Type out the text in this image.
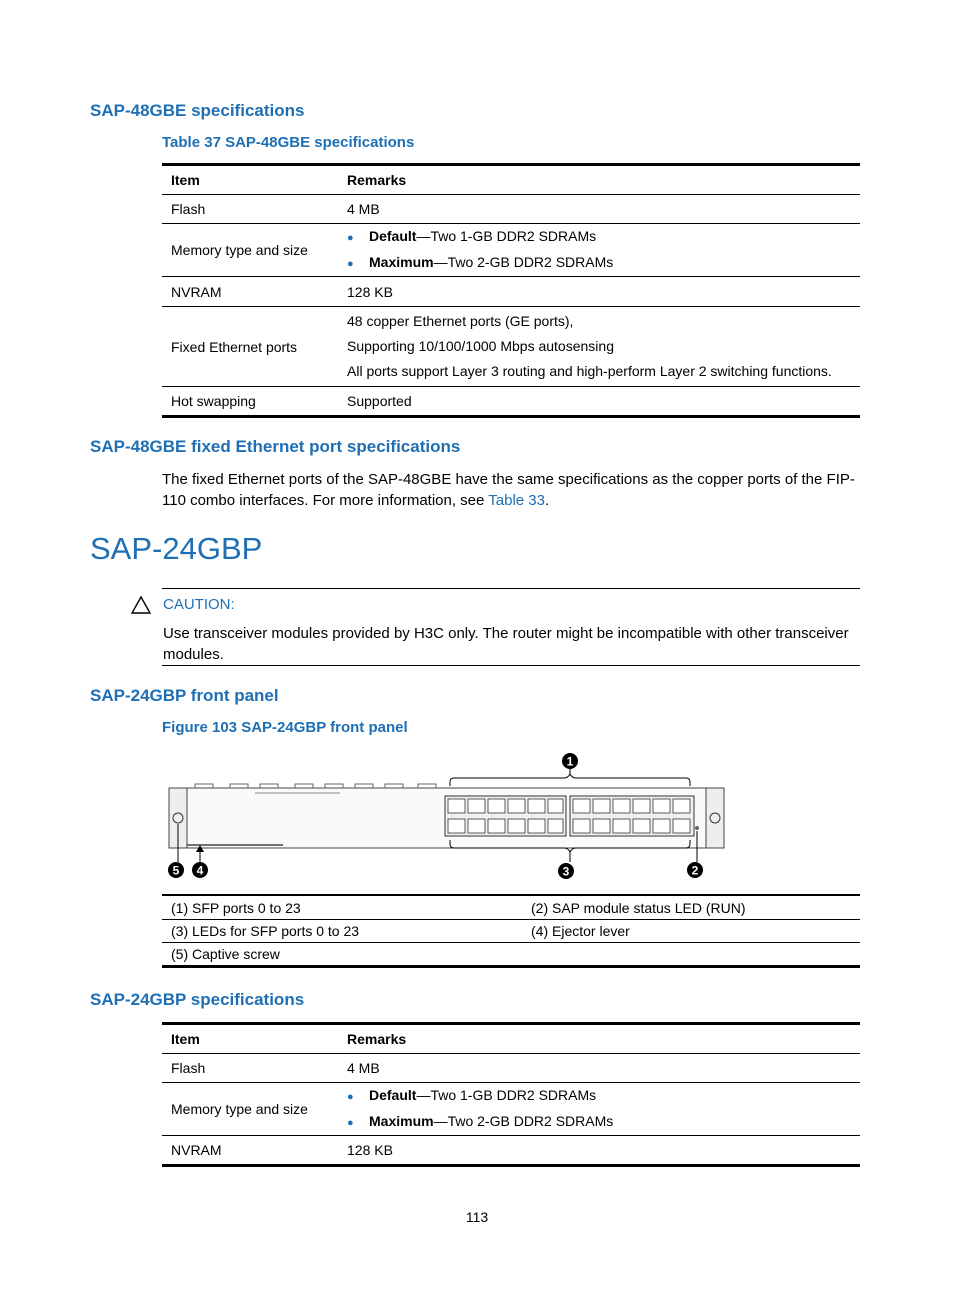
SAP-48GBE specifications
Table 37 SAP-48GBE specifications
Item	Remarks
Flash	4 MB
Memory type and size	● Default—Two 1-GB DDR2 SDRAMs
● Maximum—Two 2-GB DDR2 SDRAMs

NVRAM	128 KB
Fixed Ethernet ports	48 copper Ethernet ports (GE ports),
Supporting 10/100/1000 Mbps autosensing
All ports support Layer 3 routing and high-perform Layer 2 switching functions.

Hot swapping	Supported
SAP-48GBE fixed Ethernet port specifications
The fixed Ethernet ports of the SAP-48GBE have the same specifications as the copper ports of the FIP-110 combo interfaces. For more information, see Table 33.
SAP-24GBP
CAUTION:
Use transceiver modules provided by H3C only. The router might be incompatible with other transceiver modules.
SAP-24GBP front panel
Figure 103 SAP-24GBP front panel

1
2
3
4
5
(1) SFP ports 0 to 23	(2) SAP module status LED (RUN)
(3) LEDs for SFP ports 0 to 23	(4) Ejector lever
(5) Captive screw	
SAP-24GBP specifications
Item	Remarks
Flash	4 MB
Memory type and size	● Default—Two 1-GB DDR2 SDRAMs
● Maximum—Two 2-GB DDR2 SDRAMs

NVRAM	128 KB
113
